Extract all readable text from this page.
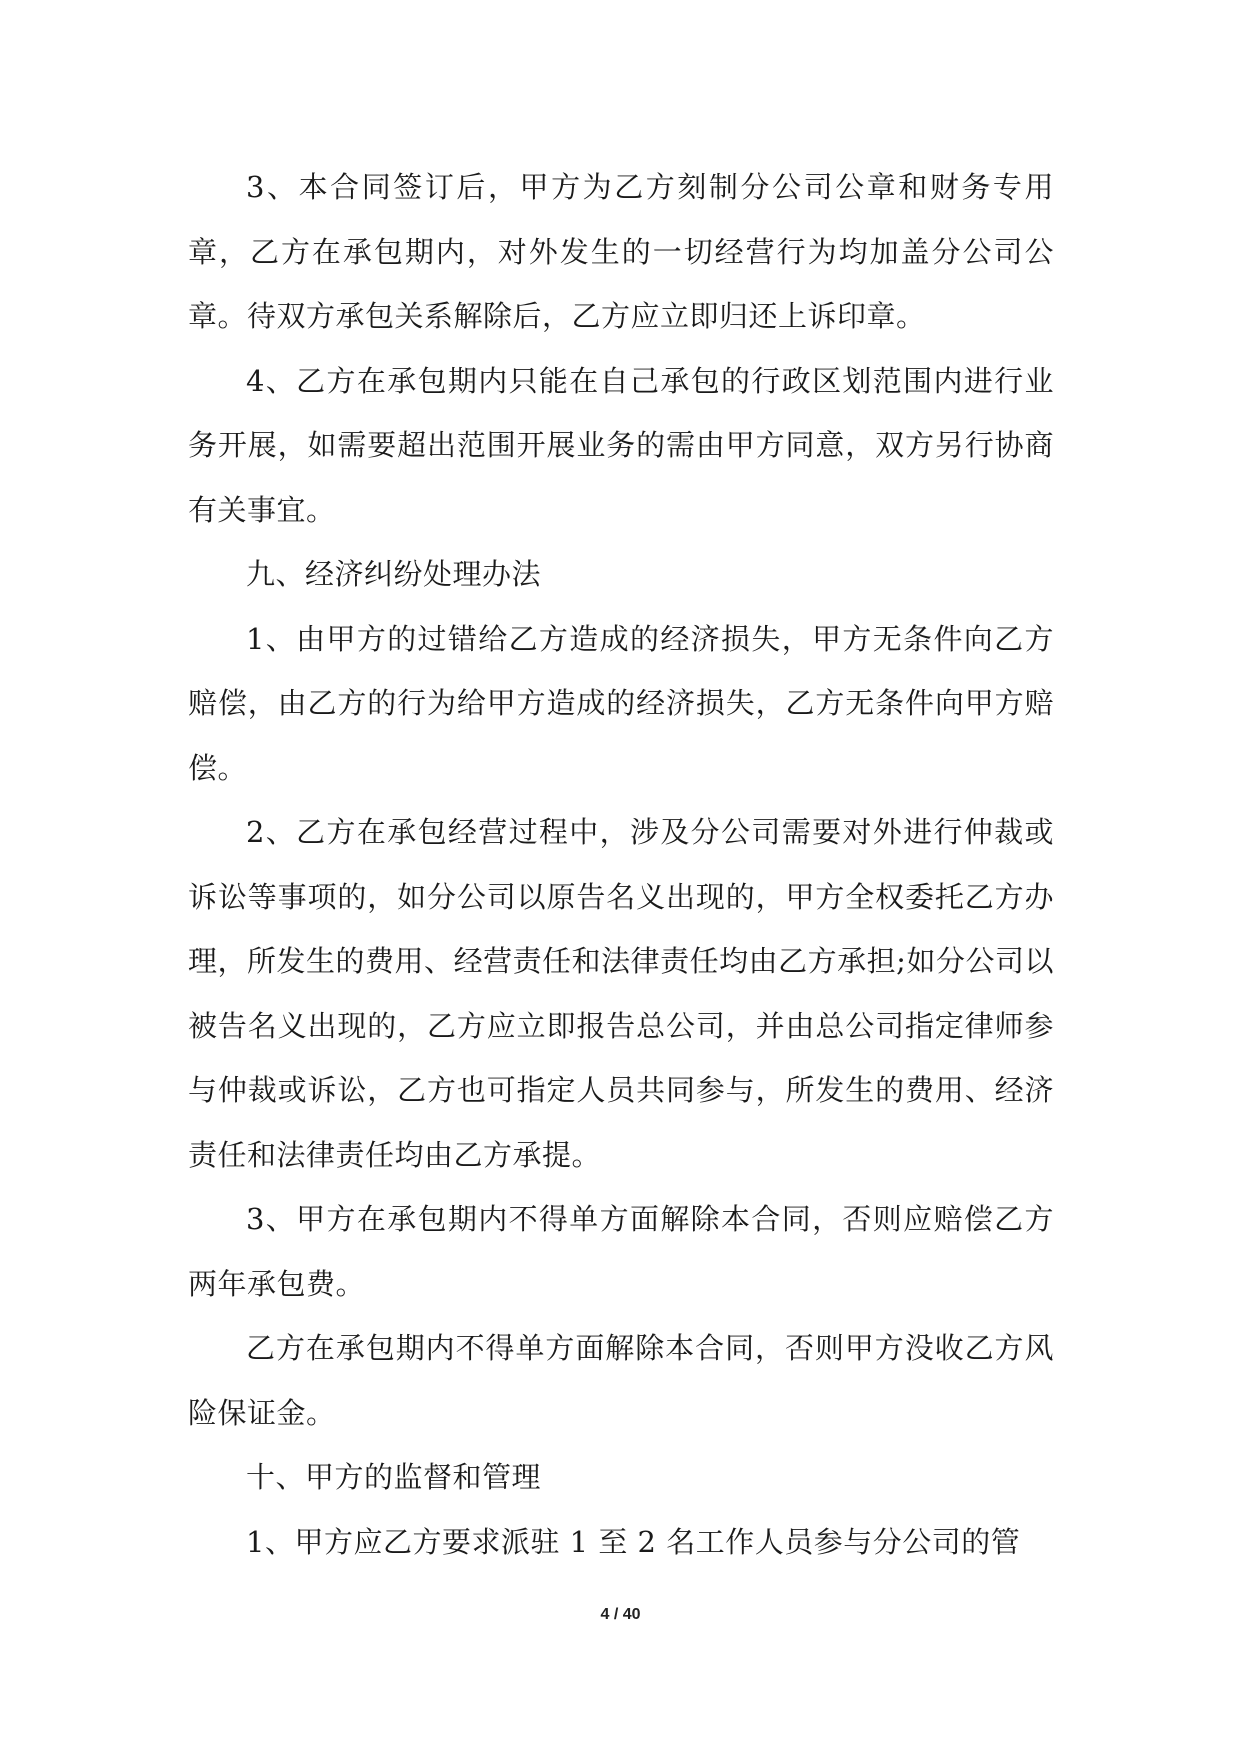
3、本合同签订后，甲方为乙方刻制分公司公章和财务专用章，乙方在承包期内，对外发生的一切经营行为均加盖分公司公章。待双方承包关系解除后，乙方应立即归还上诉印章。

4、乙方在承包期内只能在自己承包的行政区划范围内进行业务开展，如需要超出范围开展业务的需由甲方同意，双方另行协商有关事宜。

九、经济纠纷处理办法

1、由甲方的过错给乙方造成的经济损失，甲方无条件向乙方赔偿，由乙方的行为给甲方造成的经济损失，乙方无条件向甲方赔偿。

2、乙方在承包经营过程中，涉及分公司需要对外进行仲裁或诉讼等事项的，如分公司以原告名义出现的，甲方全权委托乙方办理，所发生的费用、经营责任和法律责任均由乙方承担;如分公司以被告名义出现的，乙方应立即报告总公司，并由总公司指定律师参与仲裁或诉讼，乙方也可指定人员共同参与，所发生的费用、经济责任和法律责任均由乙方承提。

3、甲方在承包期内不得单方面解除本合同，否则应赔偿乙方两年承包费。

乙方在承包期内不得单方面解除本合同，否则甲方没收乙方风险保证金。

十、甲方的监督和管理

1、甲方应乙方要求派驻 1 至 2 名工作人员参与分公司的管

4 / 40
